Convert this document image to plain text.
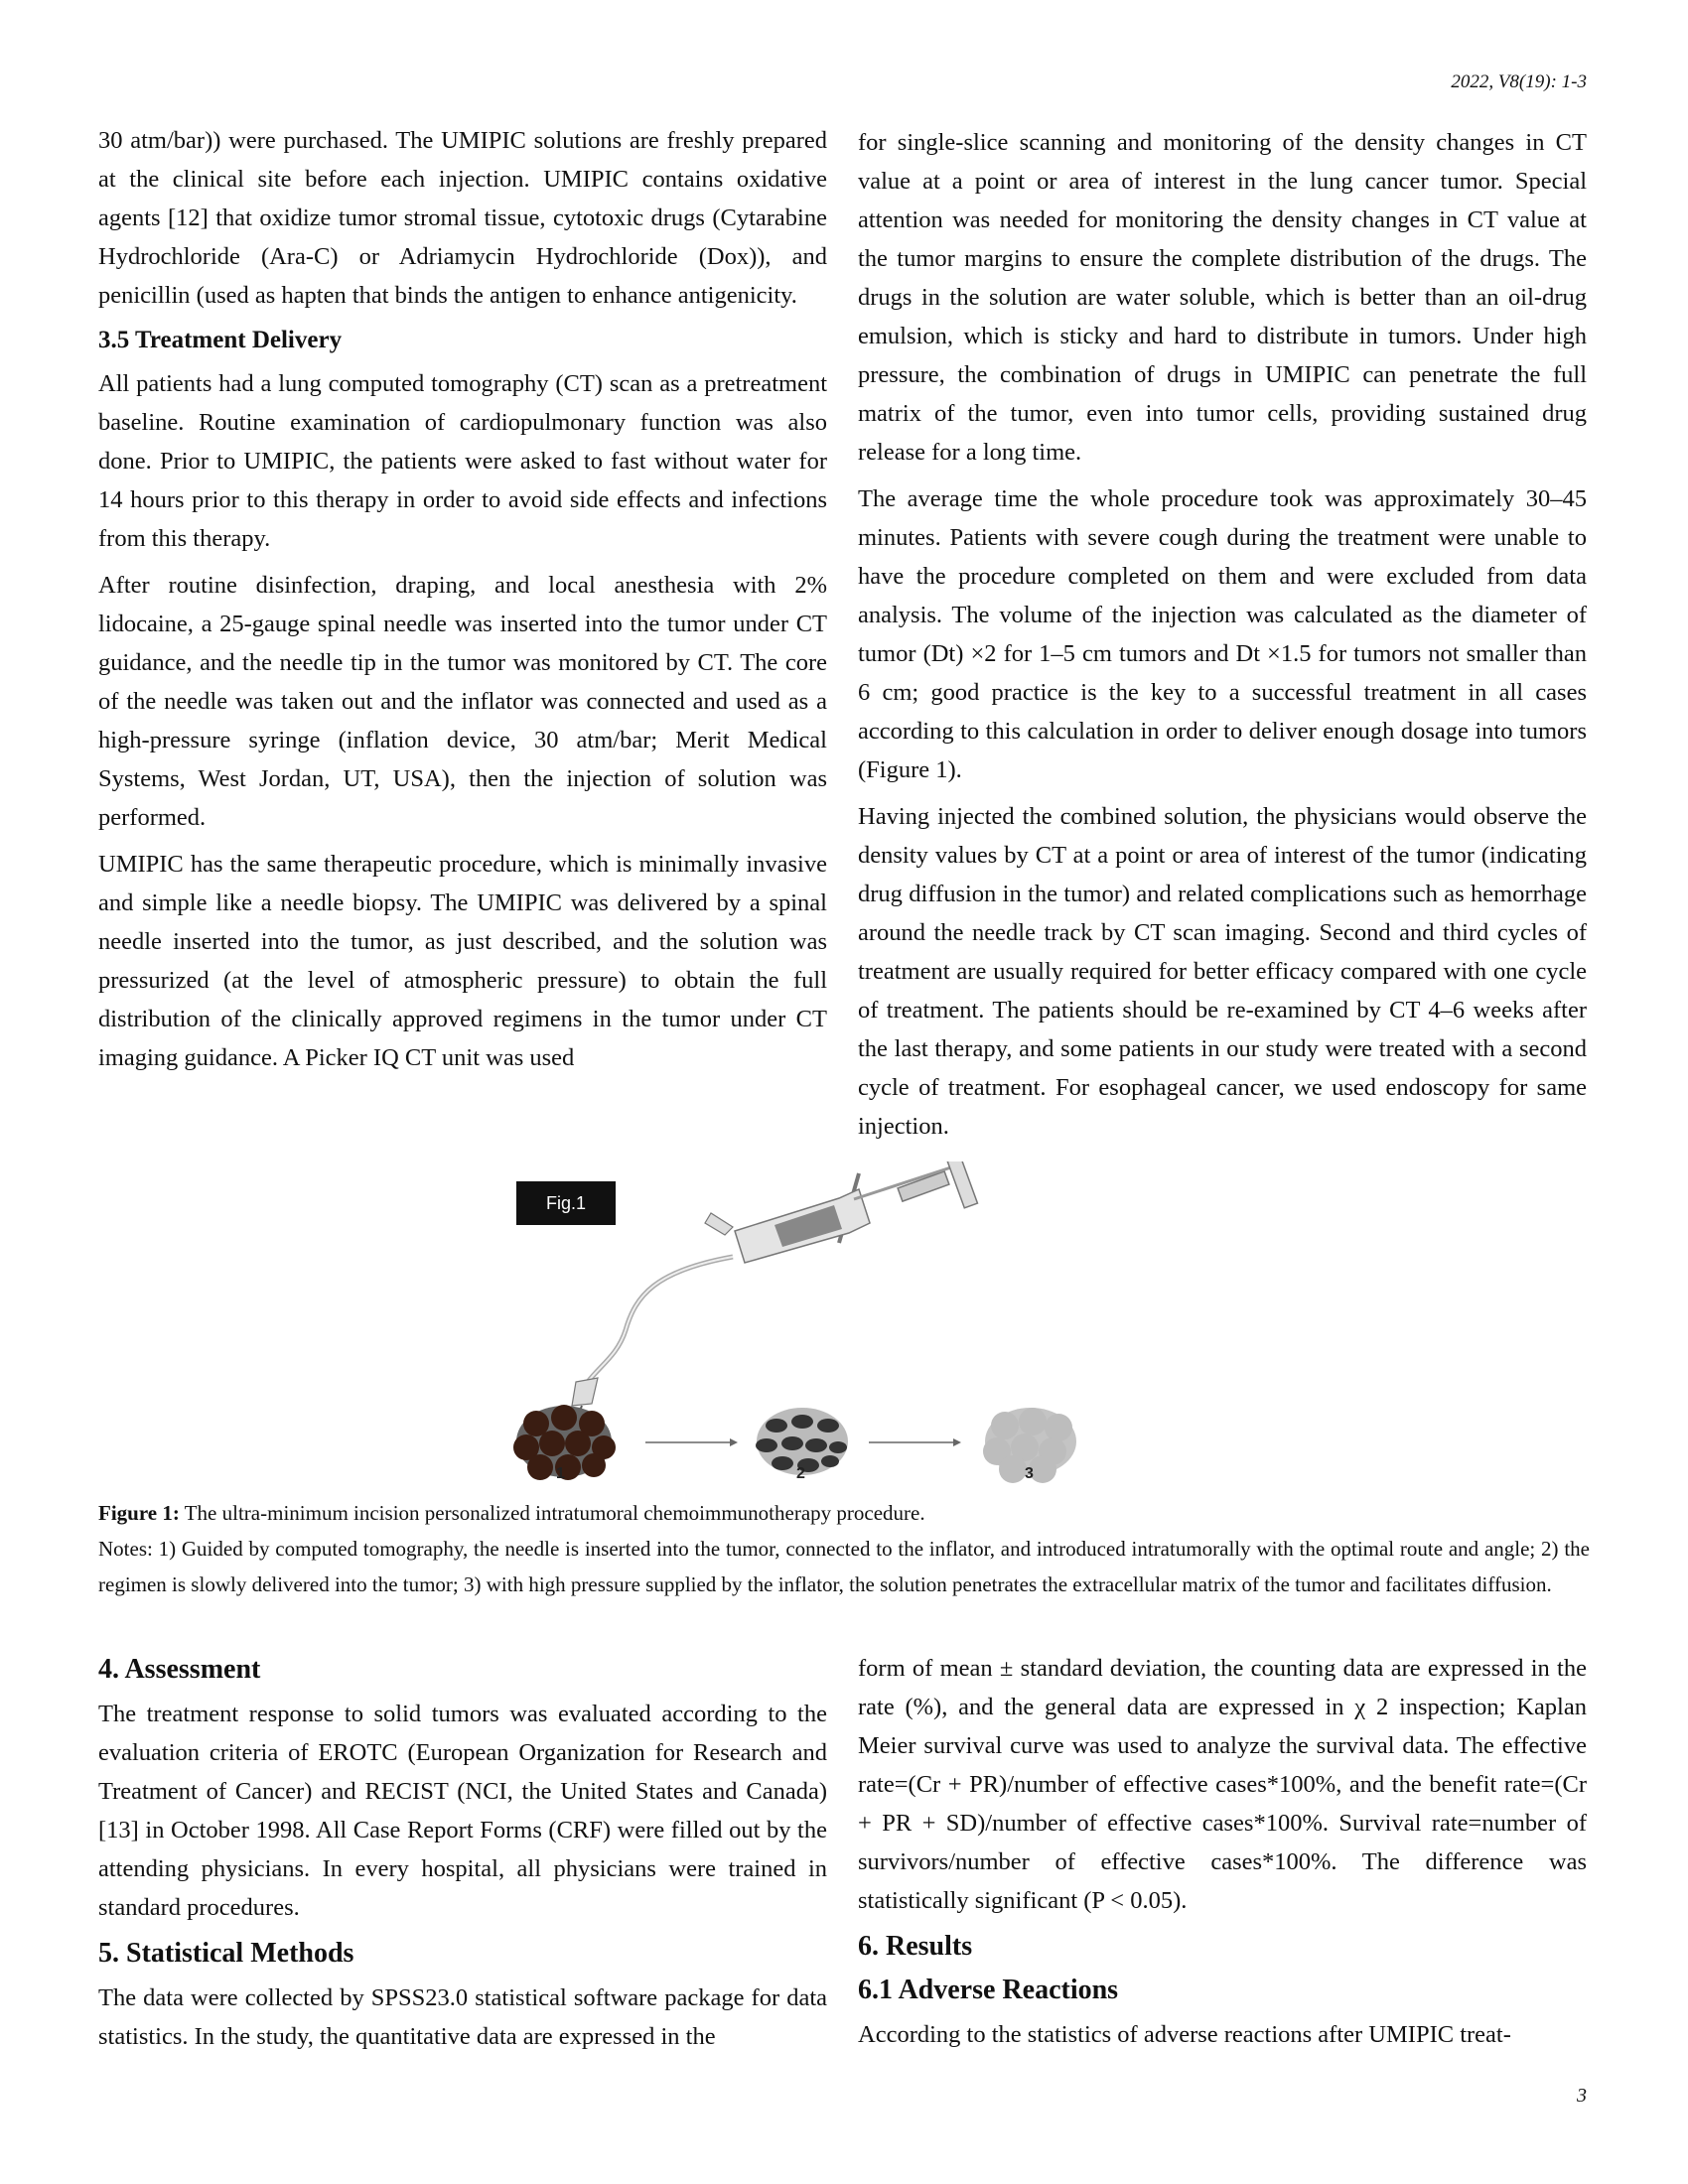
2022, V8(19): 1-3

30 atm/bar)) were purchased. The UMIPIC solutions are freshly prepared at the clinical site before each injection. UMIPIC contains oxidative agents [12] that oxidize tumor stromal tissue, cytotoxic drugs (Cytarabine Hydrochloride (Ara-C) or Adriamycin Hydrochloride (Dox)), and penicillin (used as hapten that binds the antigen to enhance antigenicity.

3.5 Treatment Delivery

All patients had a lung computed tomography (CT) scan as a pretreatment baseline. Routine examination of cardiopulmonary function was also done. Prior to UMIPIC, the patients were asked to fast without water for 14 hours prior to this therapy in order to avoid side effects and infections from this therapy.

After routine disinfection, draping, and local anesthesia with 2% lidocaine, a 25-gauge spinal needle was inserted into the tumor under CT guidance, and the needle tip in the tumor was monitored by CT. The core of the needle was taken out and the inflator was connected and used as a high-pressure syringe (inflation device, 30 atm/bar; Merit Medical Systems, West Jordan, UT, USA), then the injection of solution was performed.

UMIPIC has the same therapeutic procedure, which is minimally invasive and simple like a needle biopsy. The UMIPIC was delivered by a spinal needle inserted into the tumor, as just described, and the solution was pressurized (at the level of atmospheric pressure) to obtain the full distribution of the clinically approved regimens in the tumor under CT imaging guidance. A Picker IQ CT unit was used

for single-slice scanning and monitoring of the density changes in CT value at a point or area of interest in the lung cancer tumor. Special attention was needed for monitoring the density changes in CT value at the tumor margins to ensure the complete distribution of the drugs. The drugs in the solution are water soluble, which is better than an oil-drug emulsion, which is sticky and hard to distribute in tumors. Under high pressure, the combination of drugs in UMIPIC can penetrate the full matrix of the tumor, even into tumor cells, providing sustained drug release for a long time.

The average time the whole procedure took was approximately 30–45 minutes. Patients with severe cough during the treatment were unable to have the procedure completed on them and were excluded from data analysis. The volume of the injection was calculated as the diameter of tumor (Dt) ×2 for 1–5 cm tumors and Dt ×1.5 for tumors not smaller than 6 cm; good practice is the key to a successful treatment in all cases according to this calculation in order to deliver enough dosage into tumors (Figure 1).

Having injected the combined solution, the physicians would observe the density values by CT at a point or area of interest of the tumor (indicating drug diffusion in the tumor) and related complications such as hemorrhage around the needle track by CT scan imaging. Second and third cycles of treatment are usually required for better efficacy compared with one cycle of treatment. The patients should be re-examined by CT 4–6 weeks after the last therapy, and some patients in our study were treated with a second cycle of treatment. For esophageal cancer, we used endoscopy for same injection.

Fig.1
1	2	3

Figure 1: The ultra-minimum incision personalized intratumoral chemoimmunotherapy procedure.

Notes: 1) Guided by computed tomography, the needle is inserted into the tumor, connected to the inflator, and introduced intratumorally with the optimal route and angle; 2) the regimen is slowly delivered into the tumor; 3) with high pressure supplied by the inflator, the solution penetrates the extracellular matrix of the tumor and facilitates diffusion.

4. Assessment

The treatment response to solid tumors was evaluated according to the evaluation criteria of EROTC (European Organization for Research and Treatment of Cancer) and RECIST (NCI, the United States and Canada) [13] in October 1998. All Case Report Forms (CRF) were filled out by the attending physicians. In every hospital, all physicians were trained in standard procedures.

5. Statistical Methods

The data were collected by SPSS23.0 statistical software package for data statistics. In the study, the quantitative data are expressed in the

form of mean ± standard deviation, the counting data are expressed in the rate (%), and the general data are expressed in χ 2 inspection; Kaplan Meier survival curve was used to analyze the survival data. The effective rate=(Cr + PR)/number of effective cases*100%, and the benefit rate=(Cr + PR + SD)/number of effective cases*100%. Survival rate=number of survivors/number of effective cases*100%. The difference was statistically significant (P < 0.05).

6. Results
6.1 Adverse Reactions

According to the statistics of adverse reactions after UMIPIC treat-

3
